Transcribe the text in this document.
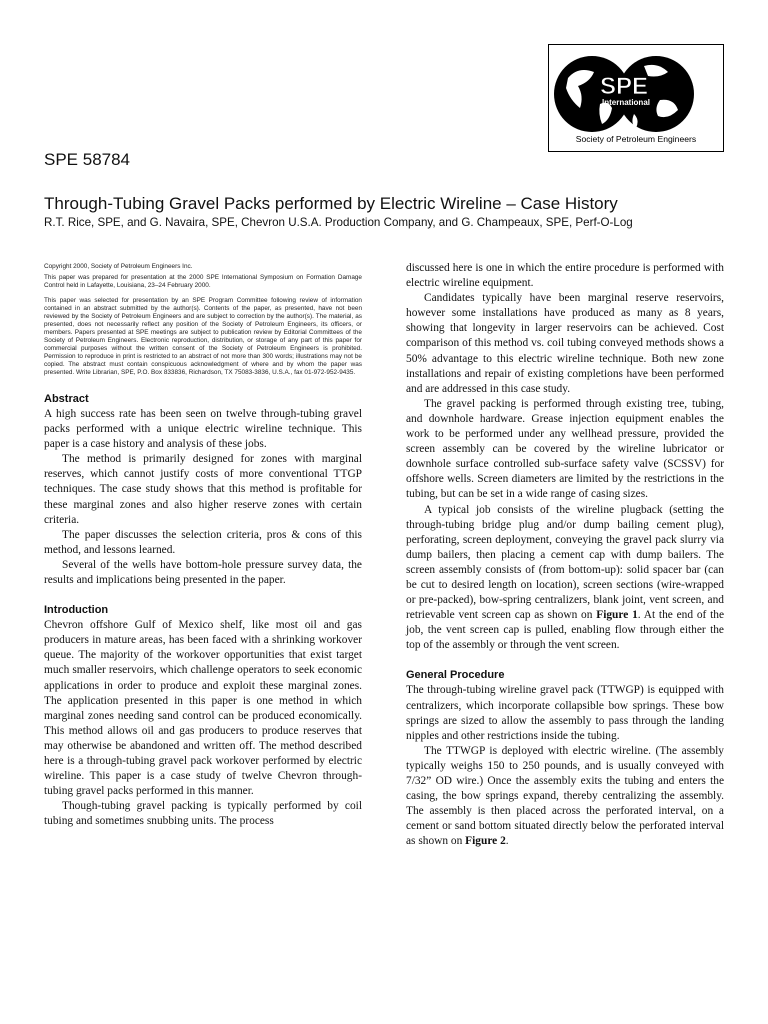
SPE
International
Society of Petroleum Engineers
SPE 58784
Through-Tubing Gravel Packs performed by Electric Wireline – Case History
R.T. Rice, SPE, and G. Navaira, SPE, Chevron U.S.A. Production Company, and G. Champeaux, SPE, Perf-O-Log

Copyright 2000, Society of Petroleum Engineers Inc.

This paper was prepared for presentation at the 2000 SPE International Symposium on Formation Damage Control held in Lafayette, Louisiana, 23–24 February 2000.

This paper was selected for presentation by an SPE Program Committee following review of information contained in an abstract submitted by the author(s). Contents of the paper, as presented, have not been reviewed by the Society of Petroleum Engineers and are subject to correction by the author(s). The material, as presented, does not necessarily reflect any position of the Society of Petroleum Engineers, its officers, or members. Papers presented at SPE meetings are subject to publication review by Editorial Committees of the Society of Petroleum Engineers. Electronic reproduction, distribution, or storage of any part of this paper for commercial purposes without the written consent of the Society of Petroleum Engineers is prohibited. Permission to reproduce in print is restricted to an abstract of not more than 300 words; illustrations may not be copied. The abstract must contain conspicuous acknowledgment of where and by whom the paper was presented. Write Librarian, SPE, P.O. Box 833836, Richardson, TX 75083-3836, U.S.A., fax 01-972-952-9435.

Abstract

A high success rate has been seen on twelve through-tubing gravel packs performed with a unique electric wireline technique. This paper is a case history and analysis of these jobs.

The method is primarily designed for zones with marginal reserves, which cannot justify costs of more conventional TTGP techniques. The case study shows that this method is profitable for these marginal zones and also higher reserve zones with certain criteria.

The paper discusses the selection criteria, pros & cons of this method, and lessons learned.

Several of the wells have bottom-hole pressure survey data, the results and implications being presented in the paper.

Introduction

Chevron offshore Gulf of Mexico shelf, like most oil and gas producers in mature areas, has been faced with a shrinking workover queue. The majority of the workover opportunities that exist target much smaller reservoirs, which challenge operators to seek economic applications in order to produce and exploit these marginal zones. The application presented in this paper is one method in which marginal zones needing sand control can be produced economically. This method allows oil and gas producers to produce reserves that may otherwise be abandoned and written off. The method described here is a through-tubing gravel pack workover performed by electric wireline. This paper is a case study of twelve Chevron through-tubing gravel packs performed in this manner.

Though-tubing gravel packing is typically performed by coil tubing and sometimes snubbing units. The process

discussed here is one in which the entire procedure is performed with electric wireline equipment.

Candidates typically have been marginal reserve reservoirs, however some installations have produced as many as 8 years, showing that longevity in larger reservoirs can be achieved. Cost comparison of this method vs. coil tubing conveyed methods shows a 50% advantage to this electric wireline technique. Both new zone installations and repair of existing completions have been performed and are addressed in this case study.

The gravel packing is performed through existing tree, tubing, and downhole hardware. Grease injection equipment enables the work to be performed under any wellhead pressure, provided the screen assembly can be covered by the wireline lubricator or downhole surface controlled sub-surface safety valve (SCSSV) for offshore wells. Screen diameters are limited by the restrictions in the tubing, but can be set in a wide range of casing sizes.

A typical job consists of the wireline plugback (setting the through-tubing bridge plug and/or dump bailing cement plug), perforating, screen deployment, conveying the gravel pack slurry via dump bailers, then placing a cement cap with dump bailers. The screen assembly consists of (from bottom-up): solid spacer bar (can be cut to desired length on location), screen sections (wire-wrapped or pre-packed), bow-spring centralizers, blank joint, vent screen, and retrievable vent screen cap as shown on Figure 1. At the end of the job, the vent screen cap is pulled, enabling flow through either the top of the assembly or through the vent screen.

General Procedure

The through-tubing wireline gravel pack (TTWGP) is equipped with centralizers, which incorporate collapsible bow springs. These bow springs are sized to allow the assembly to pass through the landing nipples and other restrictions inside the tubing.

The TTWGP is deployed with electric wireline. (The assembly typically weighs 150 to 250 pounds, and is usually conveyed with 7/32” OD wire.) Once the assembly exits the tubing and enters the casing, the bow springs expand, thereby centralizing the assembly. The assembly is then placed across the perforated interval, on a cement or sand bottom situated directly below the perforated interval as shown on Figure 2.
